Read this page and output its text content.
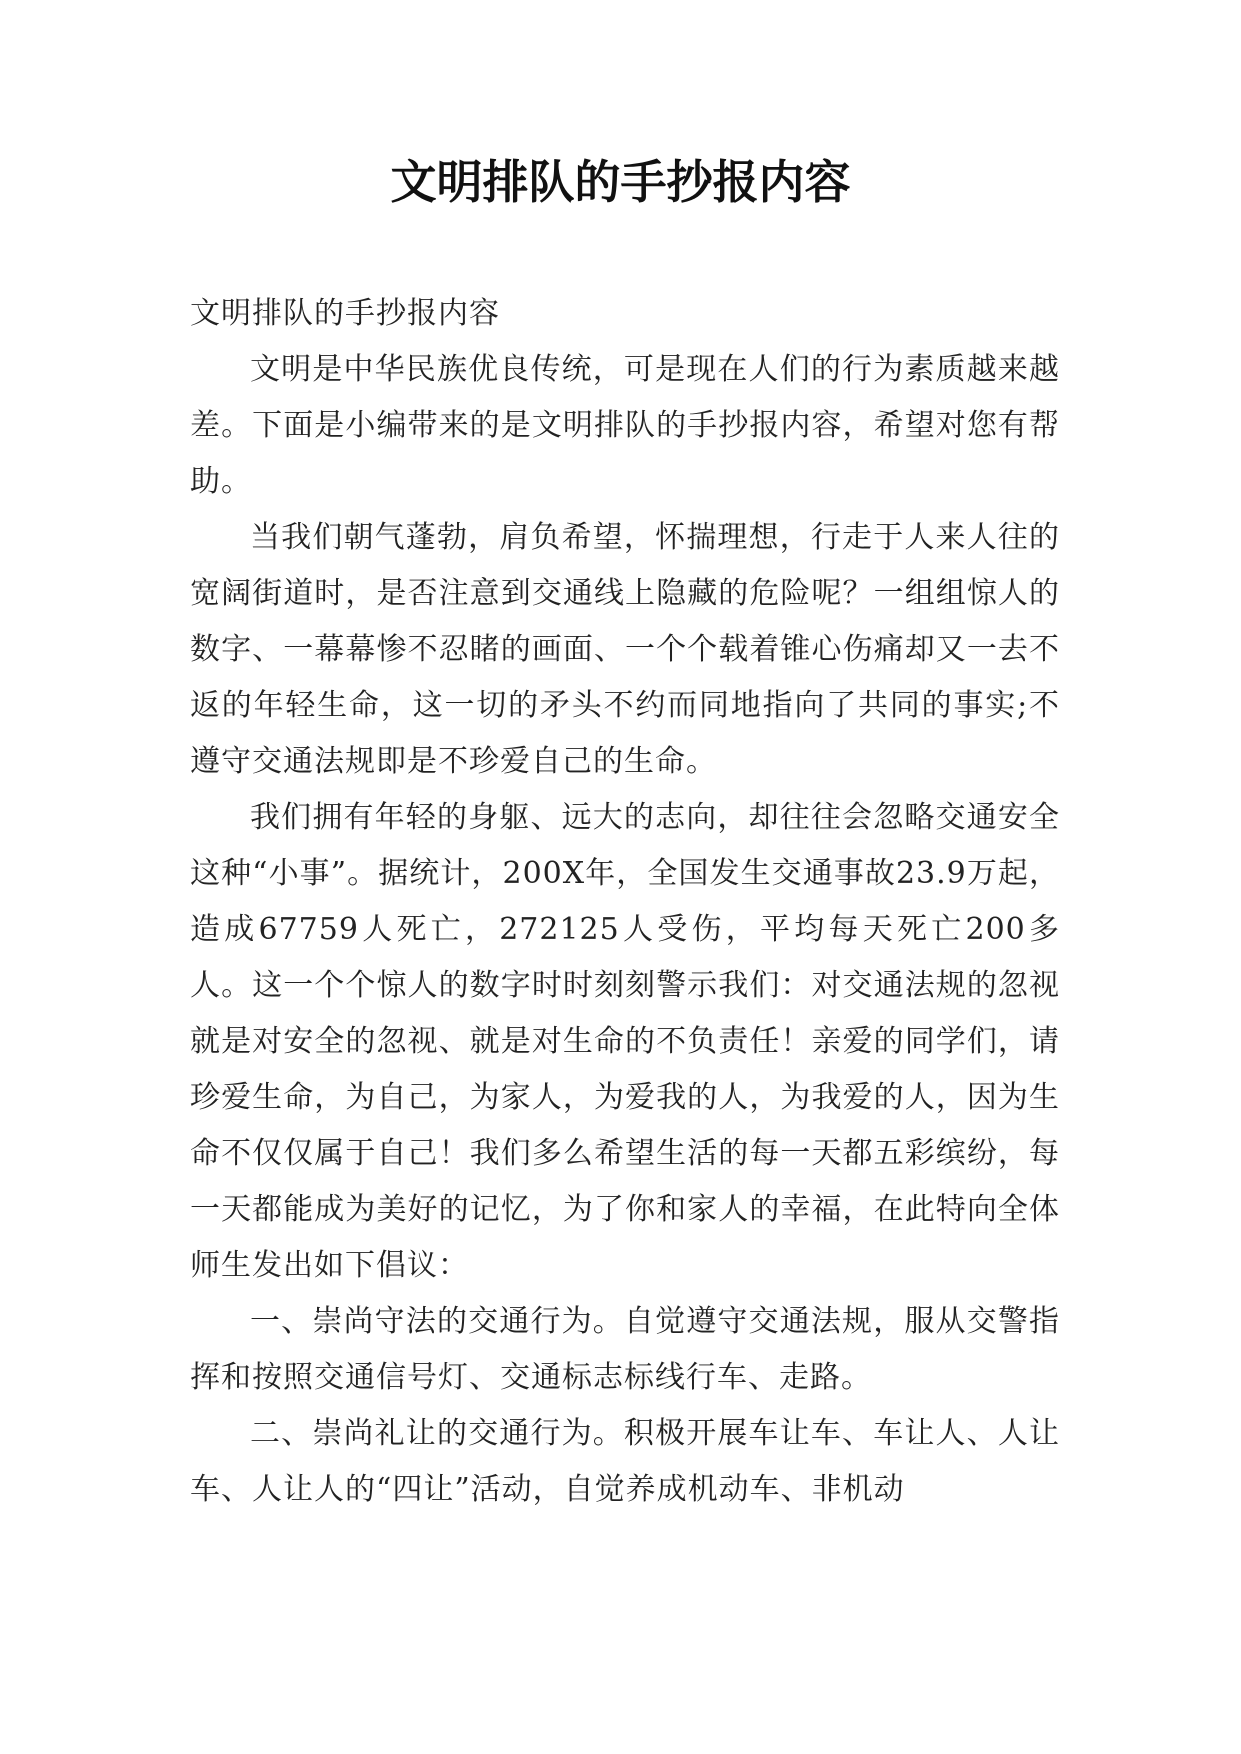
文明排队的手抄报内容

文明排队的手抄报内容

文明是中华民族优良传统，可是现在人们的行为素质越来越差。下面是小编带来的是文明排队的手抄报内容，希望对您有帮助。

当我们朝气蓬勃，肩负希望，怀揣理想，行走于人来人往的宽阔街道时，是否注意到交通线上隐藏的危险呢？一组组惊人的数字、一幕幕惨不忍睹的画面、一个个载着锥心伤痛却又一去不返的年轻生命，这一切的矛头不约而同地指向了共同的事实;不遵守交通法规即是不珍爱自己的生命。

我们拥有年轻的身躯、远大的志向，却往往会忽略交通安全这种“小事”。据统计，200X年，全国发生交通事故23.9万起，造成67759人死亡，272125人受伤，平均每天死亡200多人。这一个个惊人的数字时时刻刻警示我们：对交通法规的忽视就是对安全的忽视、就是对生命的不负责任！亲爱的同学们，请珍爱生命，为自己，为家人，为爱我的人，为我爱的人，因为生命不仅仅属于自己！我们多么希望生活的每一天都五彩缤纷，每一天都能成为美好的记忆，为了你和家人的幸福，在此特向全体师生发出如下倡议：

一、崇尚守法的交通行为。自觉遵守交通法规，服从交警指挥和按照交通信号灯、交通标志标线行车、走路。

二、崇尚礼让的交通行为。积极开展车让车、车让人、人让车、人让人的“四让”活动，自觉养成机动车、非机动
